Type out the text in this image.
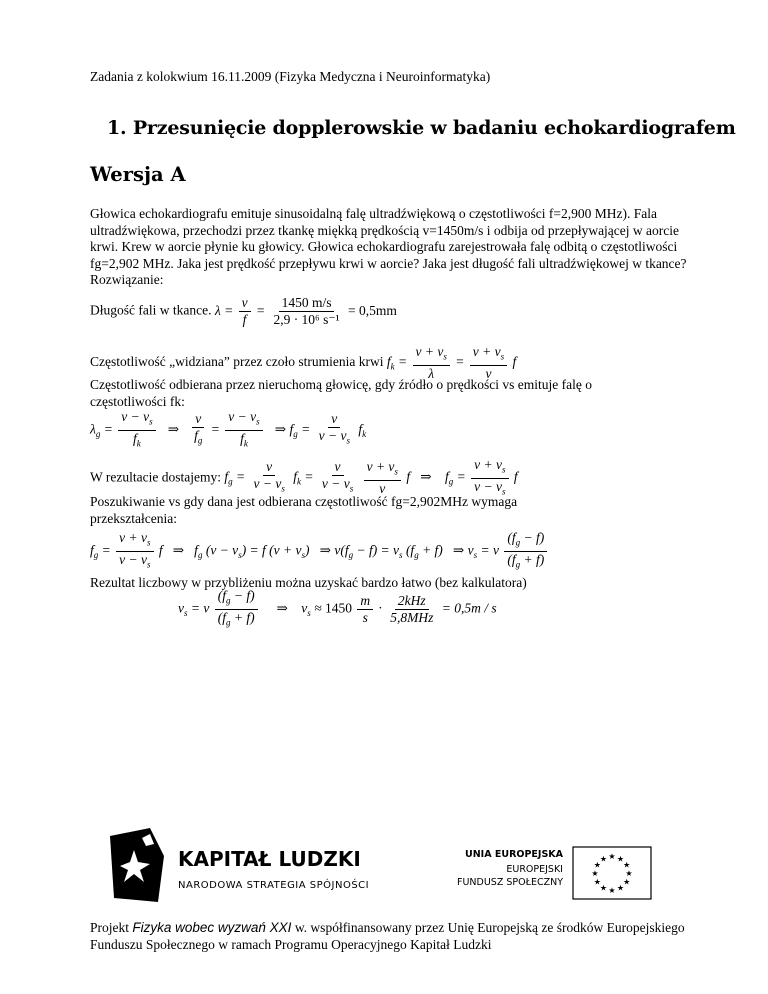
Zadania z kolokwium 16.11.2009 (Fizyka Medyczna i Neuroinformatyka)
1. Przesunięcie dopplerowskie w badaniu echokardiografem
Wersja A
Głowica echokardiografu emituje sinusoidalną falę ultradźwiękową o częstotliwości f=2,900 MHz). Fala ultradźwiękowa, przechodzi przez tkankę miękką prędkością v=1450m/s i odbija od przepływającej w aorcie krwi. Krew w aorcie płynie ku głowicy. Głowica echokardiografu zarejestrowała falę odbitą o częstotliwości fg=2,902 MHz. Jaka jest prędkość przepływu krwi w aorcie? Jaka jest długość fali ultradźwiękowej w tkance?
Rozwiązanie:
Długość fali w tkance. $\lambda = \frac{v}{f} = \frac{1450 m/s}{\text{2,9 · 10⁶ s⁻¹}} = 0,5mm$
Częstotliwość „widziana” przez czoło strumienia krwi $f_k = \frac{v + v_s}{\lambda} = \frac{v + v_s}{v}$ f
Częstotliwość odbierana przez nieruchomą głowicę, gdy źródło o prędkości vs emituje falę o
częstotliwości fk:
$\lambda_g = \frac{v - v_s}{f_k}$ ⇒ $\frac{v}{f_g} = \frac{v - v_s}{f_k}$ ⇒ $f_g = \frac{v}{v - v_s} f_k$
W rezultacie dostajemy: $f_g = \frac{v}{v - v_s} f_k = \frac{v}{v - v_s}$
$\frac{v + v_s}{v}$ f   ⇒    $f_g = \frac{v + v_s}{v - v_s}$ f
Poszukiwanie vs gdy dana jest odbierana częstotliwość fg=2,902MHz wymaga
przekształcenia:
$f_g = \frac{v + v_s}{v - v_s}$ f   ⇒   $f_g$ $(v - v_s) = f$ $(v + v_s)$   ⇒ $v(f_g - f) = v_s$ $(f_g + f)$   ⇒ $v_s = v \frac{(f_g - f)}{(f_g + f)}$
Rezultat liczbowy w przybliżeniu można uzyskać bardzo łatwo (bez kalkulatora)
$v_s = v \frac{(f_g - f)}{(f_g + f)}$ ⇒    $v_s \approx 1450 \frac{m}{s} \cdot \frac{\text{2kHz}}{\text{5,8MHz}} = 0,5m / s$
KAPITAŁ LUDZKI
NARODOWA STRATEGIA SPÓJNOŚCI
UNIA EUROPEJSKA
EUROPEJSKI
FUNDUSZ SPOŁECZNY
★ ★
★
★
★
★
★
★
★
★
★
★
Projekt Fizyka wobec wyzwań XXI w. współfinansowany przez Unię Europejską ze środków Europejskiego Funduszu Społecznego w ramach Programu Operacyjnego Kapitał Ludzki
